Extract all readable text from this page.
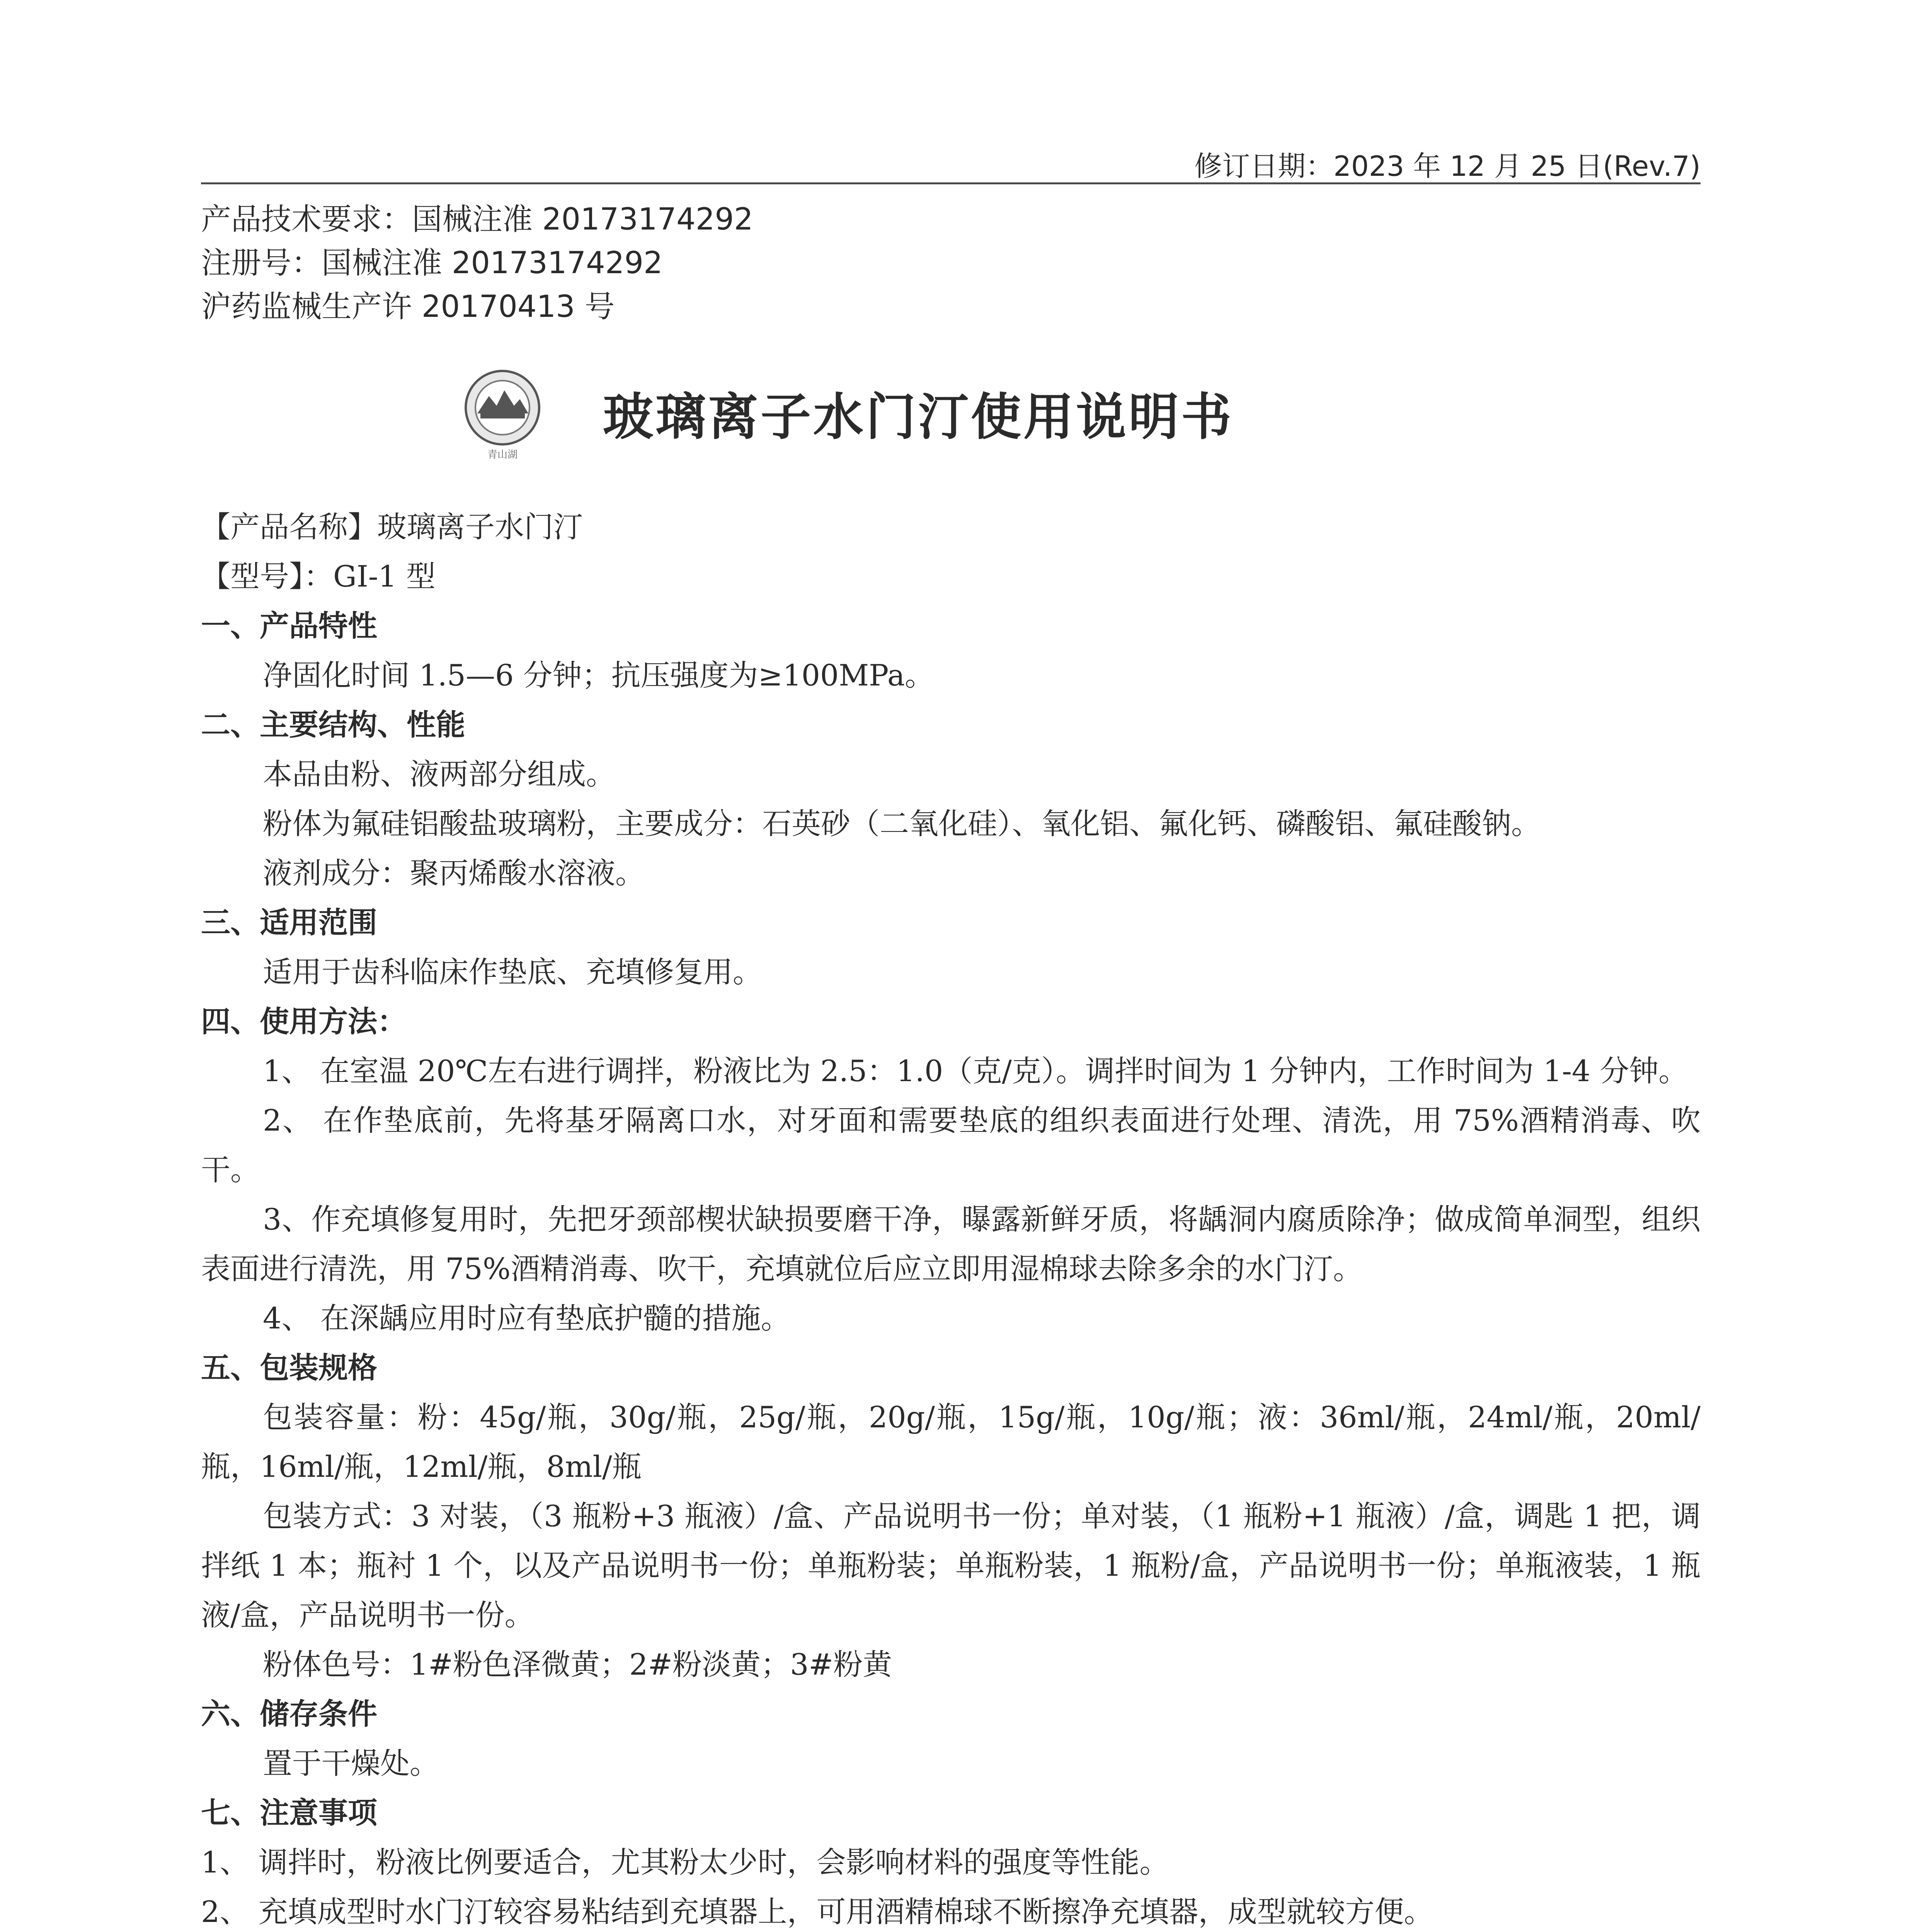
修订日期：2023 年 12 月 25 日(Rev.7)
产品技术要求：国械注准 20173174292
注册号：国械注准 20173174292
沪药监械生产许 20170413 号
青山湖
玻璃离子水门汀使用说明书

【产品名称】玻璃离子水门汀

【型号】：GI-1 型

一、产品特性

净固化时间 1.5—6 分钟；抗压强度为≥100MPa。

二、主要结构、性能

本品由粉、液两部分组成。

粉体为氟硅铝酸盐玻璃粉，主要成分：石英砂（二氧化硅）、氧化铝、氟化钙、磷酸铝、氟硅酸钠。

液剂成分：聚丙烯酸水溶液。

三、适用范围

适用于齿科临床作垫底、充填修复用。

四、使用方法：

1、 在室温 20℃左右进行调拌，粉液比为 2.5：1.0（克/克）。调拌时间为 1 分钟内，工作时间为 1-4 分钟。

2、 在作垫底前，先将基牙隔离口水，对牙面和需要垫底的组织表面进行处理、清洗，用 75%酒精消毒、吹干。

3、作充填修复用时，先把牙颈部楔状缺损要磨干净，曝露新鲜牙质，将龋洞内腐质除净；做成简单洞型，组织表面进行清洗，用 75%酒精消毒、吹干，充填就位后应立即用湿棉球去除多余的水门汀。

4、 在深龋应用时应有垫底护髓的措施。

五、包装规格

包装容量：粉：45g/瓶，30g/瓶，25g/瓶，20g/瓶，15g/瓶，10g/瓶；液：36ml/瓶，24ml/瓶，20ml/瓶，16ml/瓶，12ml/瓶，8ml/瓶

包装方式：3 对装，（3 瓶粉+3 瓶液）/盒、产品说明书一份；单对装，（1 瓶粉+1 瓶液）/盒，调匙 1 把，调拌纸 1 本；瓶衬 1 个，以及产品说明书一份；单瓶粉装；单瓶粉装，1 瓶粉/盒，产品说明书一份；单瓶液装，1 瓶液/盒，产品说明书一份。

粉体色号：1#粉色泽微黄；2#粉淡黄；3#粉黄

六、储存条件

置于干燥处。

七、注意事项

1、 调拌时，粉液比例要适合，尤其粉太少时，会影响材料的强度等性能。

2、 充填成型时水门汀较容易粘结到充填器上，可用酒精棉球不断擦净充填器，成型就较方便。
